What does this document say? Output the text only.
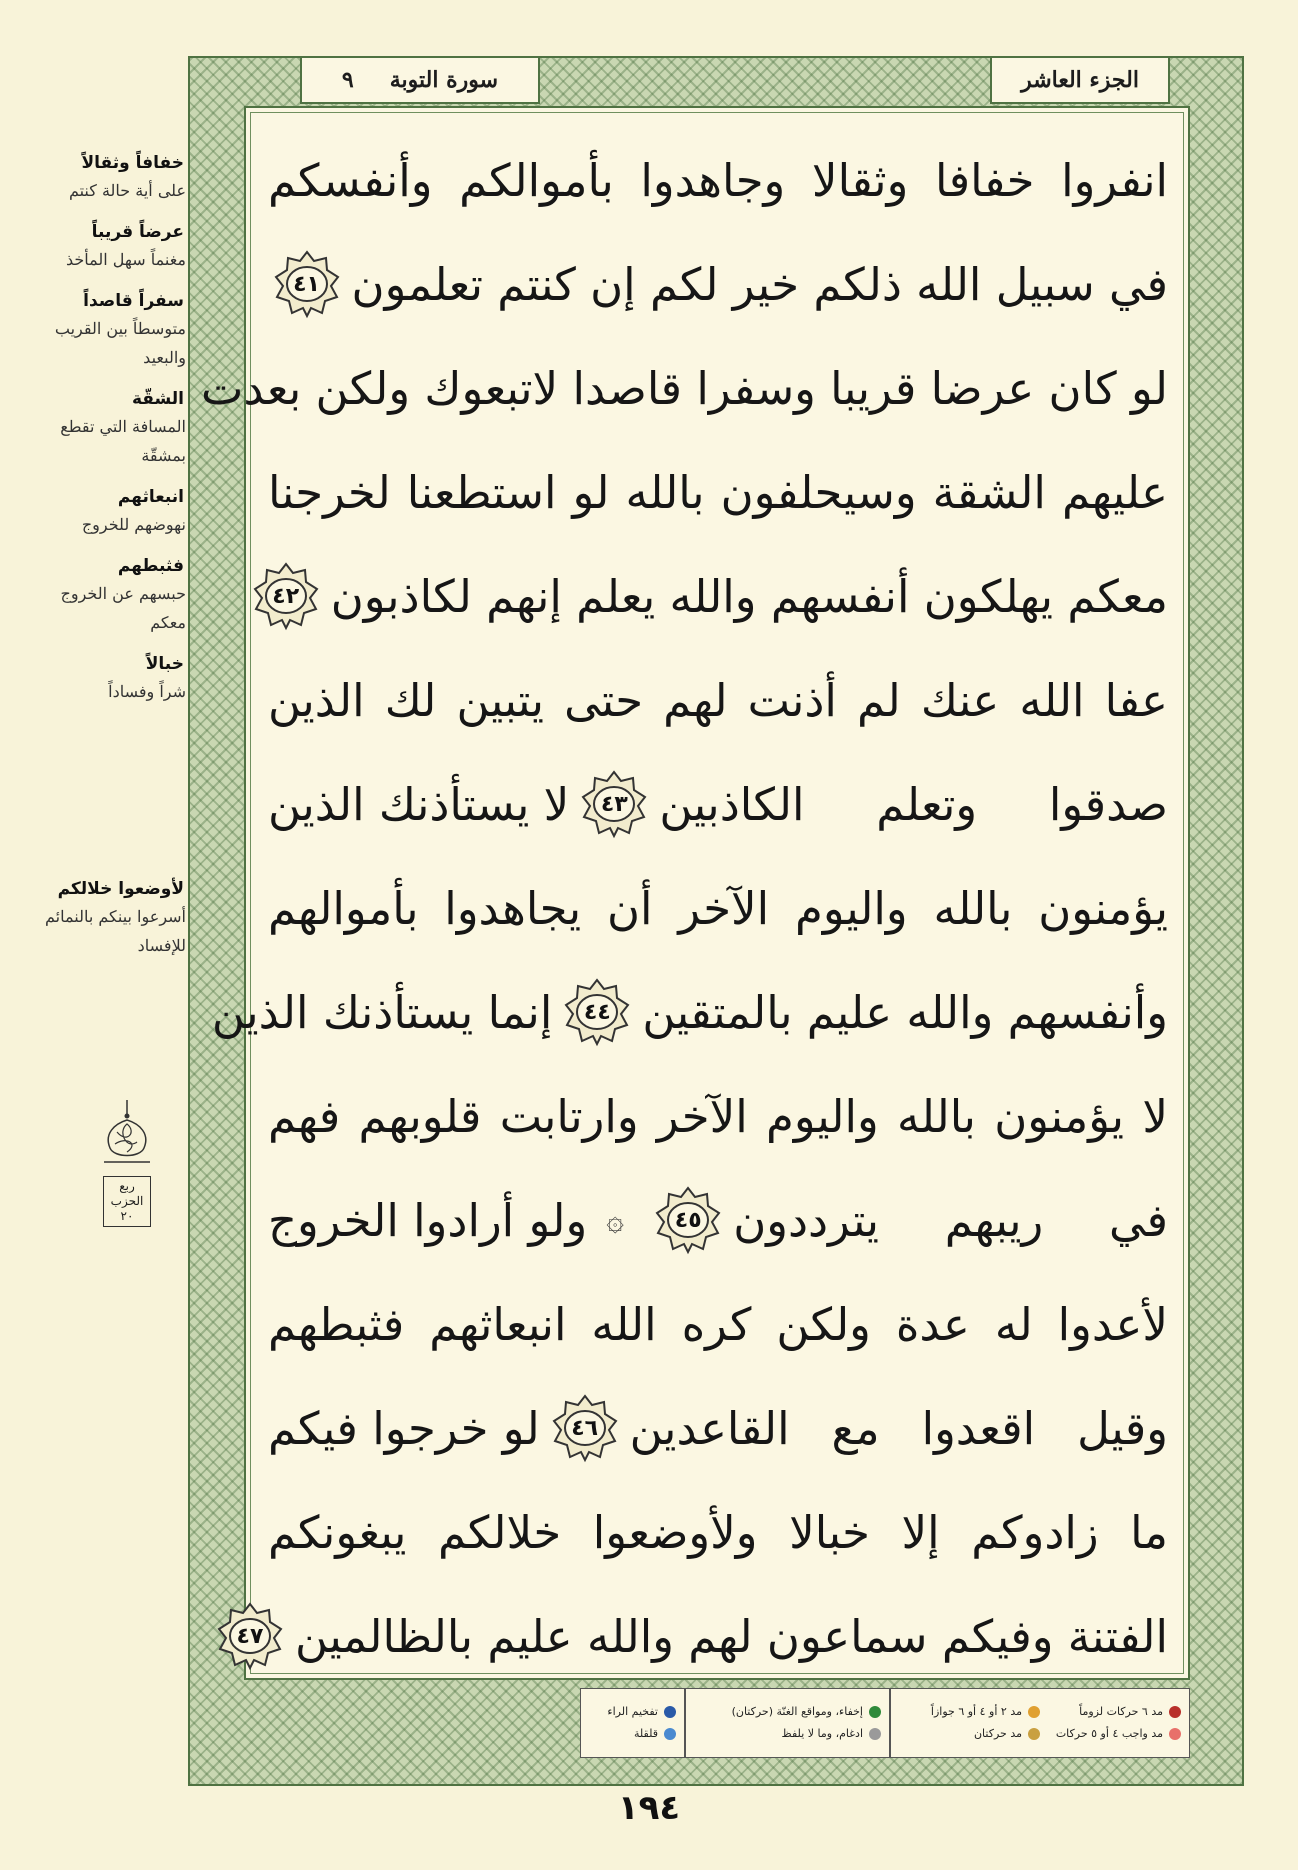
■ خفافاً وثقالاً
على أية حالة كنتم
■ عرضاً قريباً
مغنماً سهل المأخذ
■ سفراً قاصداً
متوسطاً بين القريب والبعيد
■ الشقّة
المسافة التي تقطع بمشقّة
■ انبعاثهم
نهوضهم للخروج
■ فثبطهم
حبسهم عن الخروج معكم
■ خبالاً
شراً وفساداً
■ لأوضعوا خلالكم
أسرعوا بينكم بالنمائم للإفساد
ربع
الحزب
٢٠
سورة التوبة
٩	الجزء العاشر
انفروا خفافا وثقالا وجاهدوا بأموالكم وأنفسكم
في سبيل الله ذلكم خير لكم إن كنتم تعلمون
٤١
لو كان عرضا قريبا وسفرا قاصدا لاتبعوك ولكن بعدت
عليهم الشقة وسيحلفون بالله لو استطعنا لخرجنا
معكم يهلكون أنفسهم والله يعلم إنهم لكاذبون
٤٢
عفا الله عنك لم أذنت لهم حتى يتبين لك الذين
صدقوا وتعلم الكاذبين
٤٣
لا يستأذنك الذين
يؤمنون بالله واليوم الآخر أن يجاهدوا بأموالهم
وأنفسهم والله عليم بالمتقين
٤٤
إنما يستأذنك الذين
لا يؤمنون بالله واليوم الآخر وارتابت قلوبهم فهم
في ريبهم يترددون
٤٥
۞
ولو أرادوا الخروج
لأعدوا له عدة ولكن كره الله انبعاثهم فثبطهم
وقيل اقعدوا مع القاعدين
٤٦
لو خرجوا فيكم
ما زادوكم إلا خبالا ولأوضعوا خلالكم يبغونكم
الفتنة وفيكم سماعون لهم والله عليم بالظالمين
٤٧
مد ٦ حركات لزوماً
مد ٢ أو ٤ أو ٦ جوازاً
مد واجب ٤ أو ٥ حركات
مد حركتان
إخفاء، ومواقع الغنّة (حركتان)
ادغام، وما لا يلفظ
تفخيم الراء
قلقلة
١٩٤
